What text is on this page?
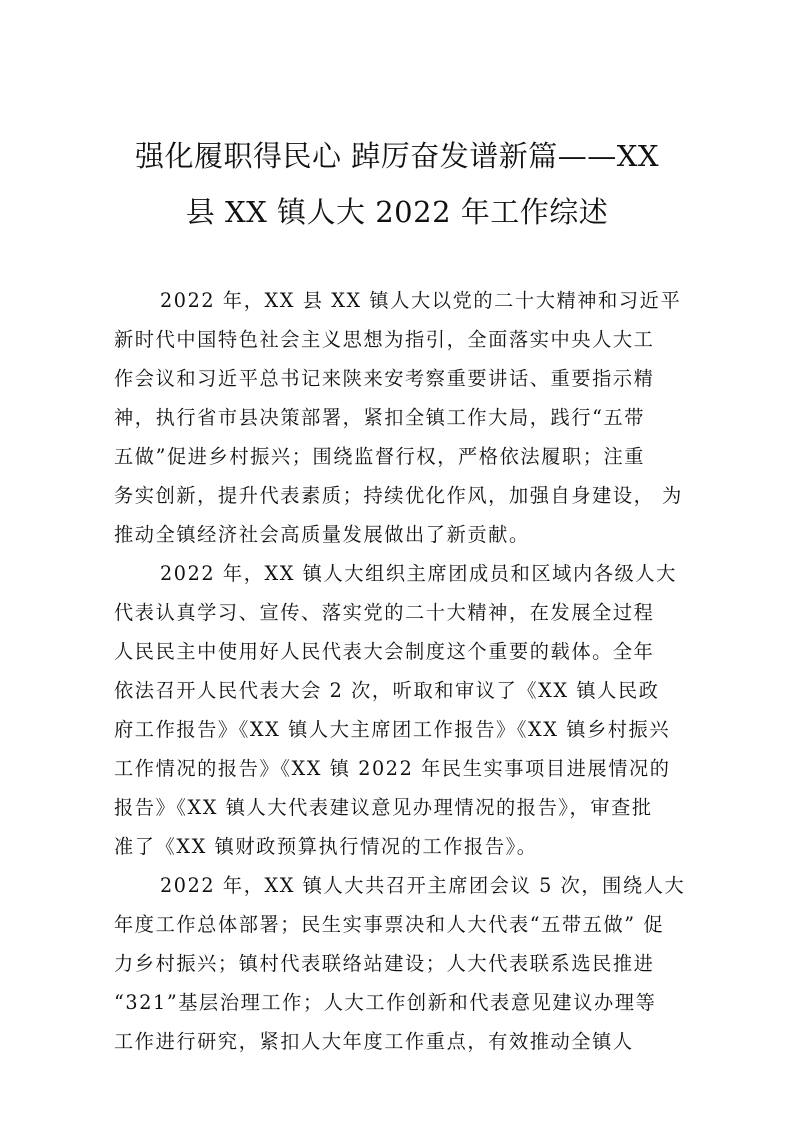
强化履职得民心 踔厉奋发谱新篇——XX
县 XX 镇人大 2022 年工作综述

2022 年，XX 县 XX 镇人大以党的二十大精神和习近平
新时代中国特色社会主义思想为指引，全面落实中央人大工
作会议和习近平总书记来陕来安考察重要讲话、重要指示精
神，执行省市县决策部署，紧扣全镇工作大局，践行“五带
五做”促进乡村振兴；围绕监督行权，严格依法履职；注重
务实创新，提升代表素质；持续优化作风，加强自身建设， 为
推动全镇经济社会高质量发展做出了新贡献。

2022 年，XX 镇人大组织主席团成员和区域内各级人大
代表认真学习、宣传、落实党的二十大精神，在发展全过程
人民民主中使用好人民代表大会制度这个重要的载体。全年
依法召开人民代表大会 2 次，听取和审议了《XX 镇人民政
府工作报告》《XX 镇人大主席团工作报告》《XX 镇乡村振兴
工作情况的报告》《XX 镇 2022 年民生实事项目进展情况的
报告》《XX 镇人大代表建议意见办理情况的报告》，审查批
准了《XX 镇财政预算执行情况的工作报告》。

2022 年，XX 镇人大共召开主席团会议 5 次，围绕人大
年度工作总体部署；民生实事票决和人大代表“五带五做” 促
力乡村振兴；镇村代表联络站建设；人大代表联系选民推进
“321”基层治理工作；人大工作创新和代表意见建议办理等
工作进行研究，紧扣人大年度工作重点，有效推动全镇人
